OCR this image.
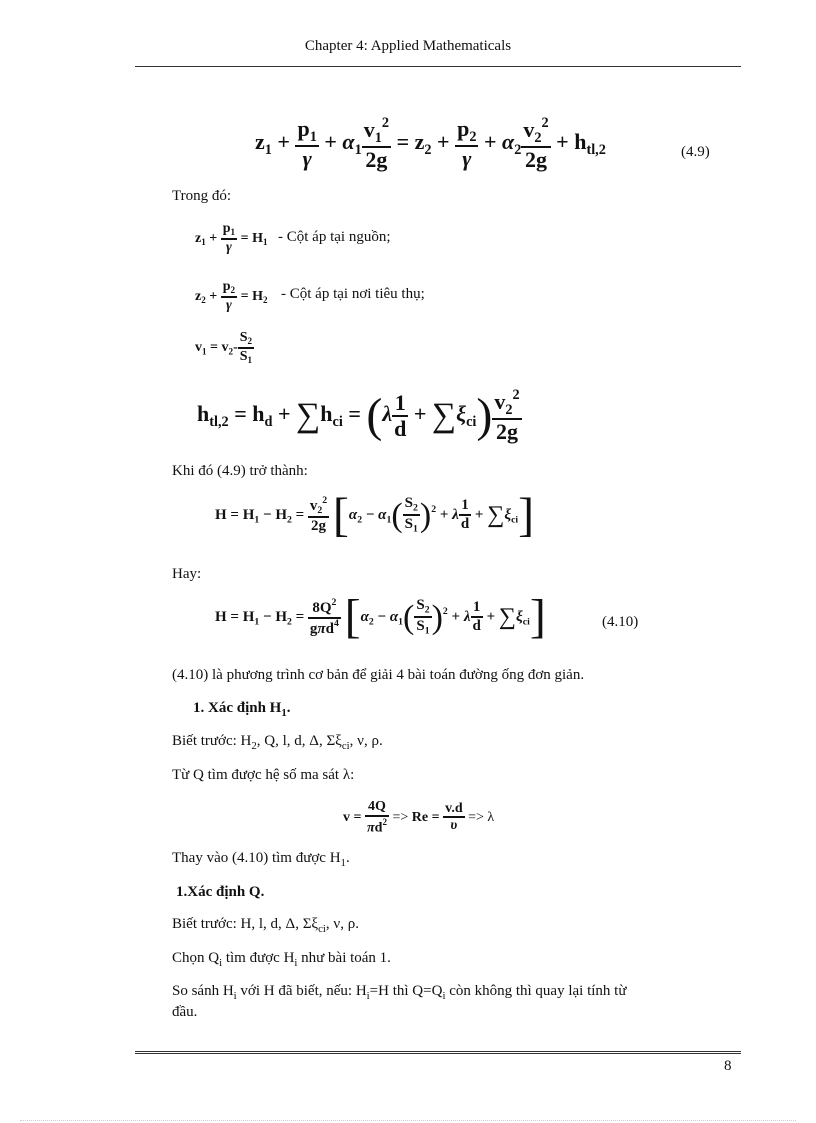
Chapter 4: Applied Mathematicals
$z_1 + \frac{p_1}{\gamma} + \alpha_1 \frac{v_1^2}{2g} = z_2 + \frac{p_2}{\gamma} + \alpha_2 \frac{v_2^2}{2g} + h_{tl,2}$	(4.9)
Trong đó:
$z_1 + \frac{p_1}{\gamma} = H_1$ - Cột áp tại nguồn;
$z_2 + \frac{p_2}{\gamma} = H_2$ - Cột áp tại nơi tiêu thụ;
$v_1 = v_2- \frac{S_2}{S_1}$
$h_{tl,2} = h_d + \sum h_{ci} = (\lambda \frac{1}{d} + \sum\xi_{ci}) \frac{v_2^2}{2g}$
Khi đó (4.9) trở thành:
$H = H_1 - H_2 = \frac{v_2^2}{2g} [\alpha_2 - \alpha_1( \frac{S_2}{S_1} )^2 + \lambda \frac{1}{d} + \sum\xi_{ci}]$
Hay:
$H = H_1 - H_2 = \frac{8Q^2}{g\pi d^4} [\alpha_2 - \alpha_1( \frac{S_2}{S_1} )^2 + \lambda \frac{1}{d} + \sum\xi_{ci}]$	(4.10)
(4.10) là phương trình cơ bản để giải 4 bài toán đường ống đơn giản.
1. Xác định $H_1$.
Biết trước: $H_2$, Q, l, d, Δ, $\Sigma\xi_{ci}$, ν, ρ.
Từ Q tìm được hệ số ma sát λ:
$v = \frac{4Q}{\pi d^2} => Re = \frac{v.d}{\upsilon} => \lambda$
Thay vào (4.10) tìm được $H_1$.
1.Xác định Q.
Biết trước: H, l, d, Δ, $\Sigma\xi_{ci}$, ν, ρ.
Chọn $Q_i$ tìm được $H_i$ như bài toán 1.
So sánh $H_i$ với H đã biết, nếu: $H_i=H$ thì $Q=Q_i$ còn không thì quay lại tính từ
đầu.
8
